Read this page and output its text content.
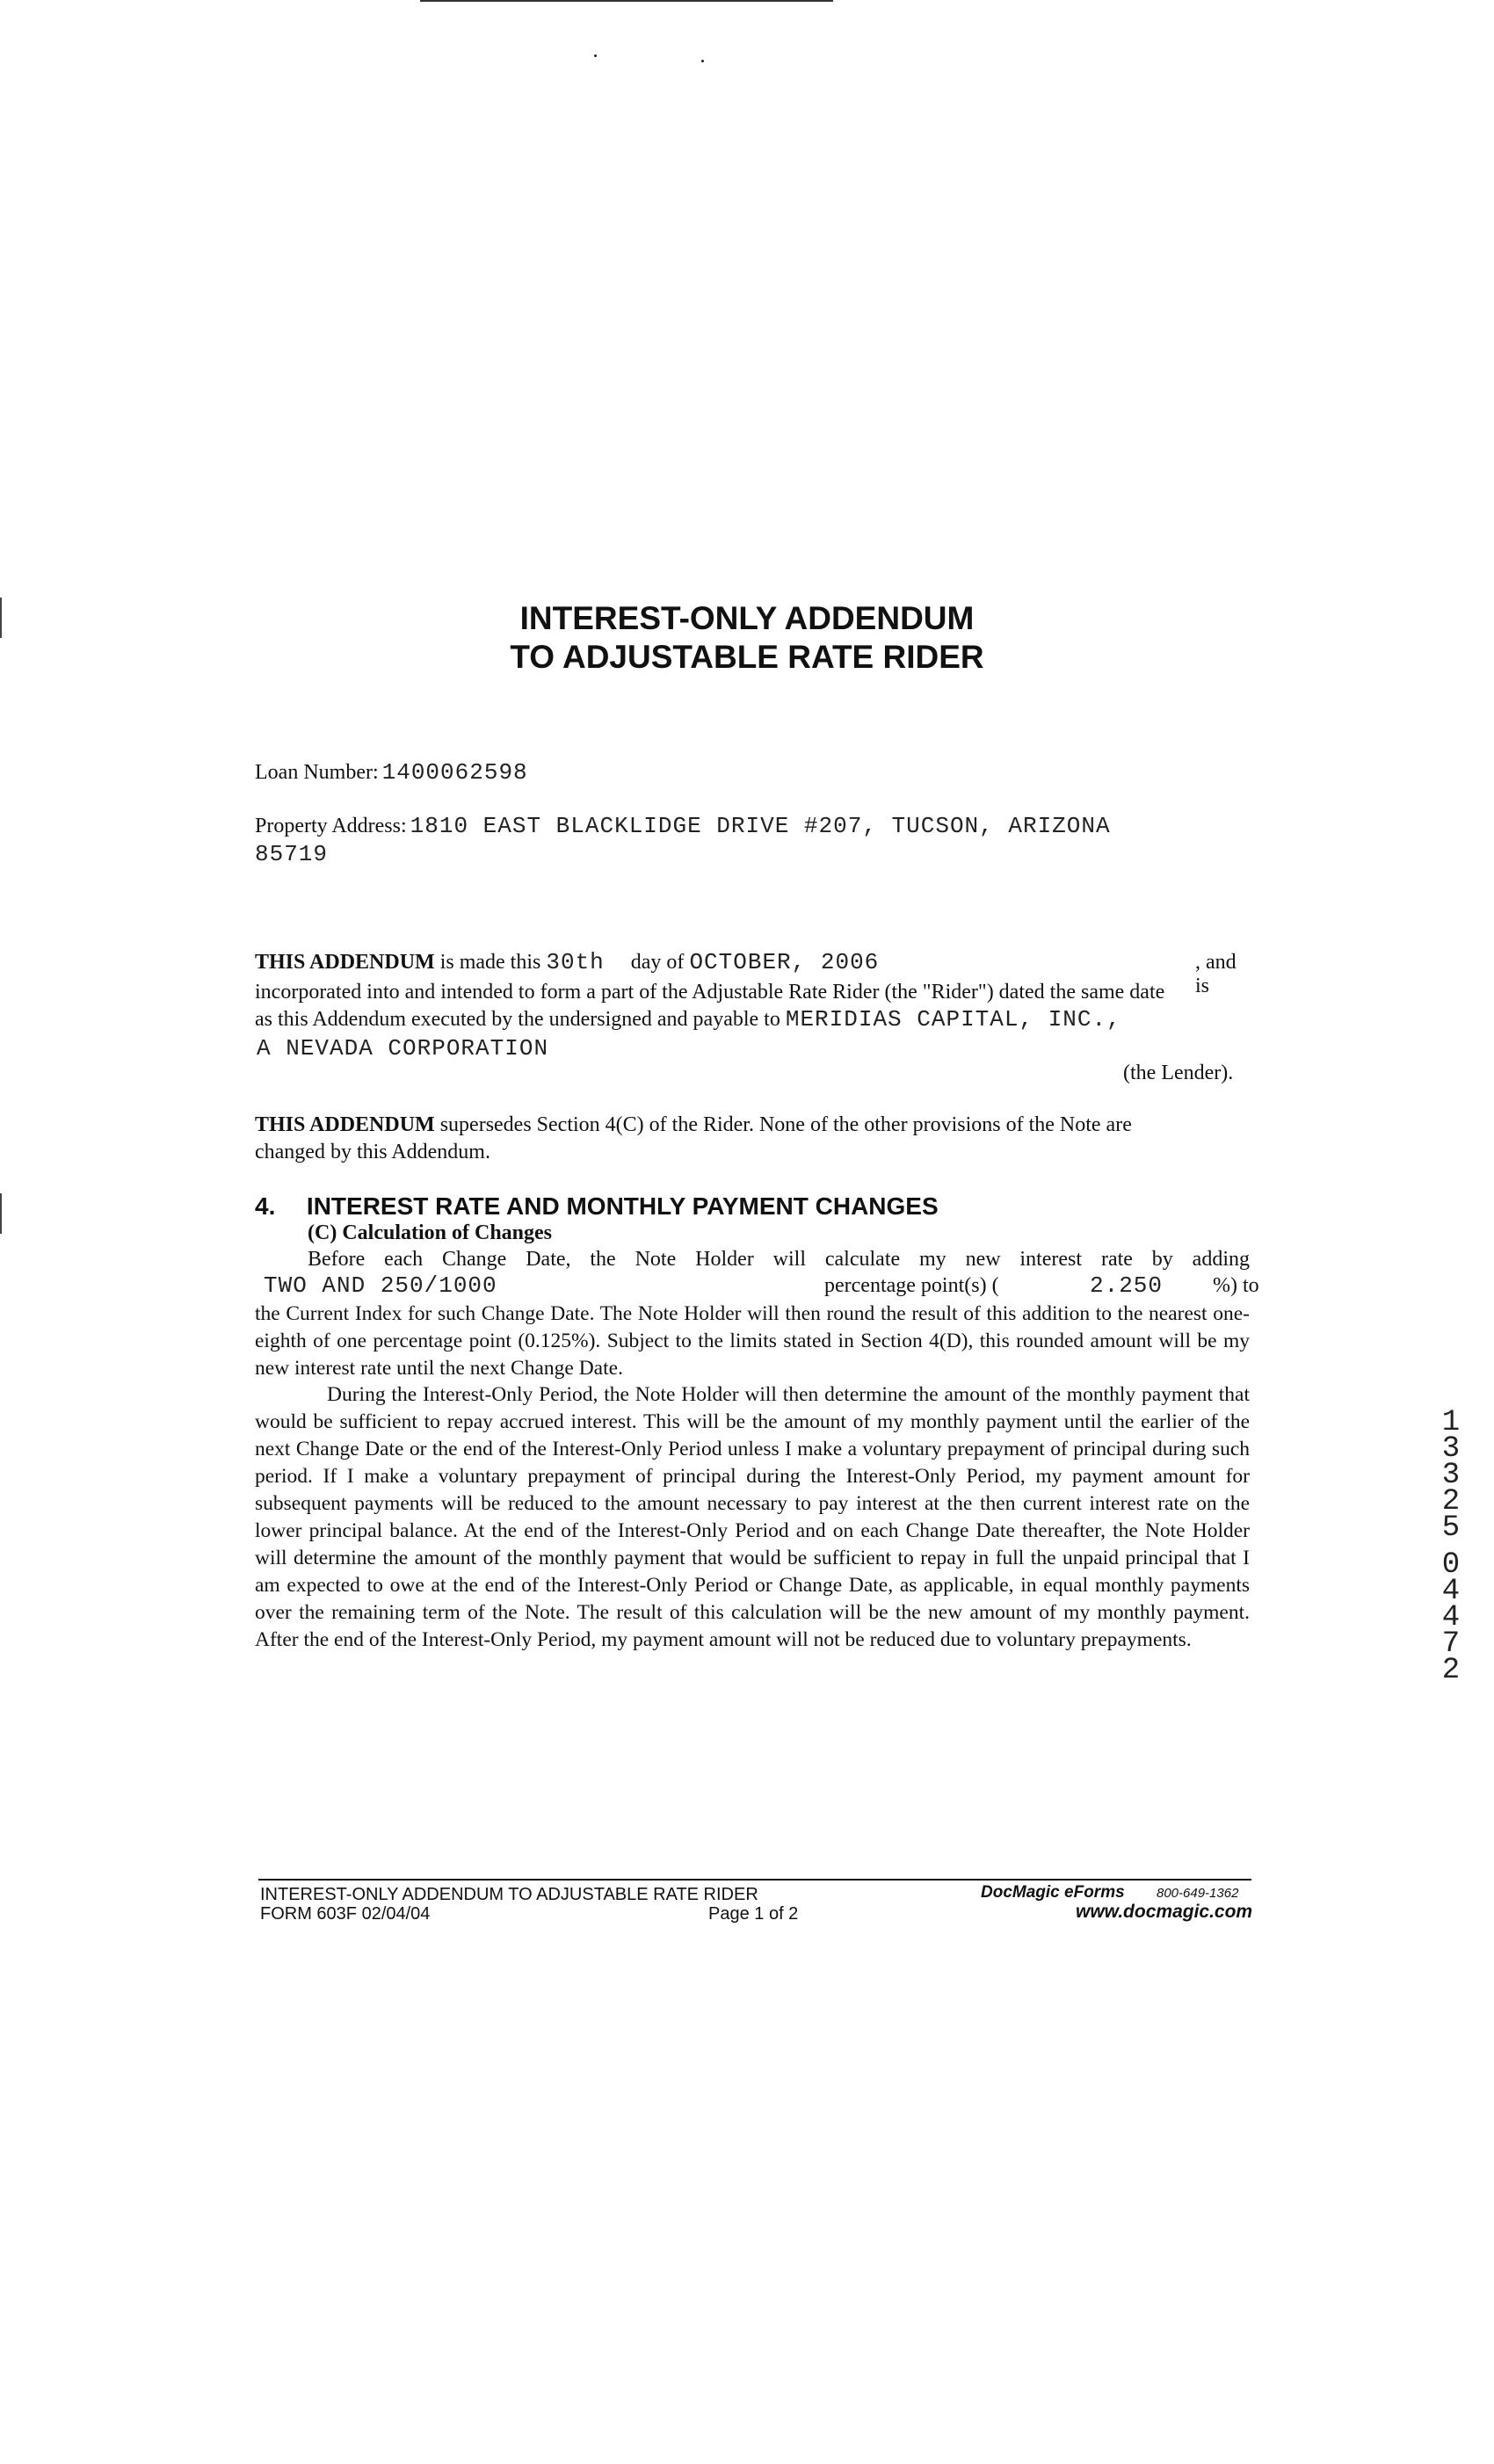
INTEREST-ONLY ADDENDUM
TO ADJUSTABLE RATE RIDER
Loan Number: 1400062598
Property Address: 1810 EAST BLACKLIDGE DRIVE #207, TUCSON, ARIZONA
85719
THIS ADDENDUM is made this 30th day of OCTOBER, 2006	, and is
incorporated into and intended to form a part of the Adjustable Rate Rider (the "Rider") dated the same date
as this Addendum executed by the undersigned and payable to MERIDIAS CAPITAL, INC.,
A NEVADA CORPORATION
(the Lender).
THIS ADDENDUM supersedes Section 4(C) of the Rider. None of the other provisions of the Note are
changed by this Addendum.
4. INTEREST RATE AND MONTHLY PAYMENT CHANGES
(C) Calculation of Changes
Before each Change Date, the Note Holder will calculate my new interest rate by adding
TWO AND 250/1000	percentage point(s) (	2.250 %) to
the Current Index for such Change Date. The Note Holder will then round the result of this addition to the nearest one-eighth of one percentage point (0.125%). Subject to the limits stated in Section 4(D), this rounded amount will be my new interest rate until the next Change Date.
During the Interest-Only Period, the Note Holder will then determine the amount of the monthly payment that would be sufficient to repay accrued interest. This will be the amount of my monthly payment until the earlier of the next Change Date or the end of the Interest-Only Period unless I make a voluntary prepayment of principal during such period. If I make a voluntary prepayment of principal during the Interest-Only Period, my payment amount for subsequent payments will be reduced to the amount necessary to pay interest at the then current interest rate on the lower principal balance. At the end of the Interest-Only Period and on each Change Date thereafter, the Note Holder will determine the amount of the monthly payment that would be sufficient to repay in full the unpaid principal that I am expected to owe at the end of the Interest-Only Period or Change Date, as applicable, in equal monthly payments over the remaining term of the Note. The result of this calculation will be the new amount of my monthly payment. After the end of the Interest-Only Period, my payment amount will not be reduced due to voluntary prepayments.
1
3
3
2
5
0
4
4
7
2
INTEREST-ONLY ADDENDUM TO ADJUSTABLE RATE RIDER
FORM 603F 02/04/04	Page 1 of 2
DocMagic eForms 800-649-1362
www.docmagic.com
